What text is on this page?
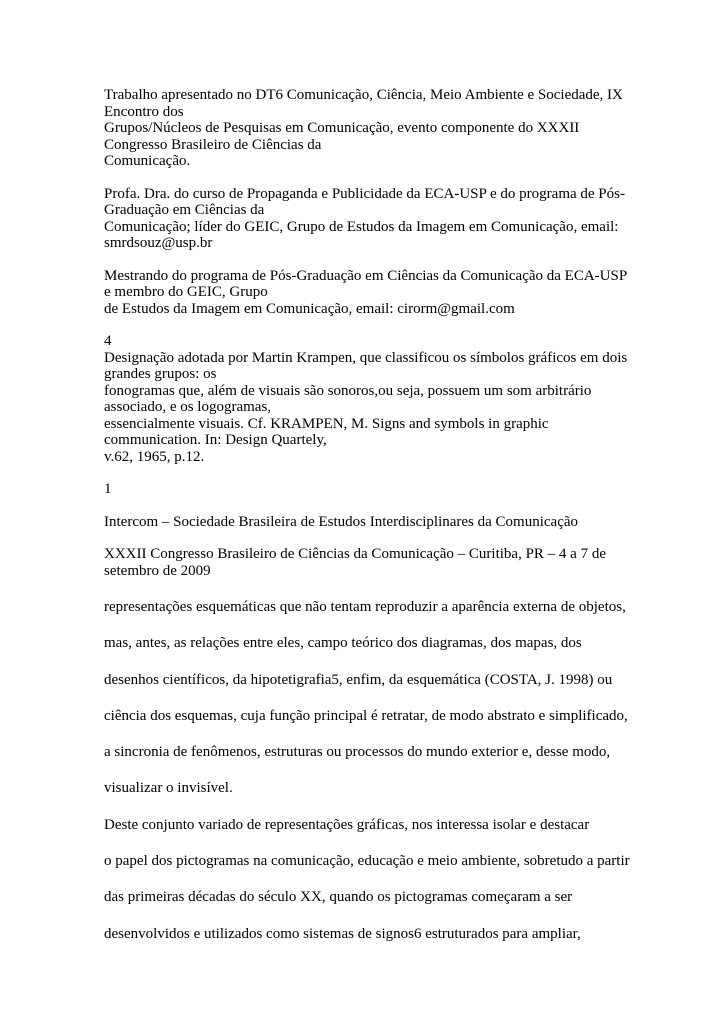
Trabalho apresentado no DT6 Comunicação, Ciência, Meio Ambiente e Sociedade, IX
Encontro dos
Grupos/Núcleos de Pesquisas em Comunicação, evento componente do XXXII
Congresso Brasileiro de Ciências da
Comunicação.
Profa. Dra. do curso de Propaganda e Publicidade da ECA-USP e do programa de Pós-
Graduação em Ciências da
Comunicação; líder do GEIC, Grupo de Estudos da Imagem em Comunicação, email:
smrdsouz@usp.br
Mestrando do programa de Pós-Graduação em Ciências da Comunicação da ECA-USP
e membro do GEIC, Grupo
de Estudos da Imagem em Comunicação, email: cirorm@gmail.com
4
Designação adotada por Martin Krampen, que classificou os símbolos gráficos em dois
grandes grupos: os
fonogramas que, além de visuais são sonoros,ou seja, possuem um som arbitrário
associado, e os logogramas,
essencialmente visuais. Cf. KRAMPEN, M. Signs and symbols in graphic
communication. In: Design Quartely,
v.62, 1965, p.12.
1
Intercom – Sociedade Brasileira de Estudos Interdisciplinares da Comunicação
XXXII Congresso Brasileiro de Ciências da Comunicação – Curitiba, PR – 4 a 7 de
setembro de 2009
representações esquemáticas que não tentam reproduzir a aparência externa de objetos,
mas, antes, as relações entre eles, campo teórico dos diagramas, dos mapas, dos
desenhos científicos, da hipotetigrafia5, enfim, da esquemática (COSTA, J. 1998) ou
ciência dos esquemas, cuja função principal é retratar, de modo abstrato e simplificado,
a sincronia de fenômenos, estruturas ou processos do mundo exterior e, desse modo,
visualizar o invisível.
Deste conjunto variado de representações gráficas, nos interessa isolar e destacar
o papel dos pictogramas na comunicação, educação e meio ambiente, sobretudo a partir
das primeiras décadas do século XX, quando os pictogramas começaram a ser
desenvolvidos e utilizados como sistemas de signos6 estruturados para ampliar,
